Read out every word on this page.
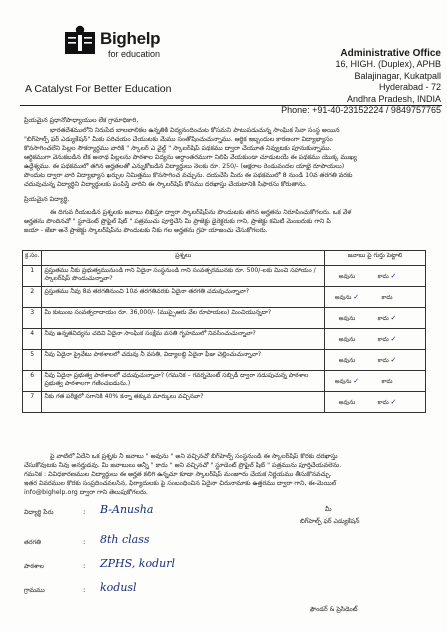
Bighelp
for education
A Catalyst For Better Education
Administrative Office
16, HIGH. (Duplex), APHB
Balajinagar, Kukatpall
Hyderabad - 72
Andhra Pradesh, INDIA
Phone: +91-40-23152224 / 9849757765
ప్రియమైన ప్రధానోపాధ్యాయుల లేక గ్రామాధికారి,
భారతదేశములోని నిరుపేద బాలబాలికల ఉన్నతికి విద్యనందించుట కోసమని పాటుపడుచున్న సాంఘిక సేవా సంస్థ అయిన
"బిగ్‌హెల్ప్ ఫర్ ఎడ్యుకేషన్" మీకు పరిచయం చేయుటకు మేము సంతోషించుచున్నాము. ఆర్థిక ఇబ్బందుల కారణంగా విద్యాభ్యాసం
కొనసాగించలేని పిల్లల సౌకర్యార్థము వారికి " స్కాలర్ ఎ వైల్డ్ " స్కాలర్‌షిప్ పథకము ద్వారా చేయూత నివ్వుటకు పూనుకున్నాము.
ఆర్థికముగా వెనుకబడిన లేక అనాథ పిల్లలను పాఠశాల విద్యను అర్ధాంతరముగా నిలిపి వేయకుండా చూడుటయే ఈ పథకము యొక్క ముఖ్య
ఉద్దేశ్యము. ఈ పథకములో తగిన అర్హతలతో ఎన్నుకోబడిన విద్యార్థులు నెలకు రూ. 250/- (అక్షరాల రెండువందల యాభై రూపాయలు)
పొందుట ద్వారా వారి విద్యాభ్యాస ఖర్చుల నిమిత్తము కొనసాగించ వచ్చును. దయచేసి మీరు ఈ పథకములో 8 నుండి 10వ తరగతి వరకు
చదువుచున్న విద్యార్థిని విద్యార్థులకు పంపిస్తే వారిని ఈ స్కాలర్‌షిప్ కోసము దరఖాస్తు చేయటానికి సిఫారసు కోరుతాను.
ప్రియమైన విద్యార్థి,
ఈ దిగువ రీయబడిన ప్రశ్నలకు జవాబు లిఖిస్తూ ద్వారా స్కాలర్‌షిప్‌ను పొందుటకు తగిన అర్హతను నిరూపించుకోగలరు. ఒక వేళ
అర్హతను పొందినచో " స్టూడెంట్ ప్రొఫైల్ షీట్ " పత్రముచు పూర్తిచేసి మీ ప్రాజెక్టు డైరెక్టరుకు గాని, ప్రాజెక్టు కమిటీ మెంబరుకు గాని పి
జయా - జేబా అనే ప్రాజెక్టు స్కాలర్‌షిప్‌ను పొందుటకు నీకు గల అర్హతను గ్రహ యాజంచు చేసుకోగలరు.
క్ర.సం.	ప్రశ్నలు	జవాబు పై గుర్తు పెట్టాలి
1	ప్రస్తుతము నీకు ప్రభుత్వమునుండి గాని ఏదైనా సంస్థనుండి గాని సంవత్సరమునకు రూ. 500/-లకు మించి సహాయం / స్కాలర్‌షిప్ పొందుచున్నావా?	అవును కాదు ✓
2	ప్రస్తుతము నీవు 8వ తరగతినుంచి 10వ తరగతివరకు ఏదైనా తరగతి చదువుచున్నావా?	అవును ✓ కాదు
3	మీ కుటుంబ సంవత్సరాదాయం రూ. 36,000/- (ముప్పైఆరు వేల రూపాయలు) మించియున్నదా?	అవును కాదు ✓
4	నీవు ఉన్నతవిద్యను చదివి ఏదైనా సాంఘిక సంక్షేమ వసతి గృహములో నివసించుచున్నావా?	అవును కాదు ✓
5	నీవు ఏదైనా ప్రైవేటు పాఠశాలలో చదువు నీ వసతి, విద్యాలబ్ది ఏదైనా ఫీజు చెల్లించుచున్నావా?	అవును కాదు ✓
6	నీవు ఏదైనా ప్రభుత్వ పాఠశాలలో చదువుచున్నావా? (గమనిక – గవర్నమెంట్ సబ్సిడీ ద్వారా నడుపుచున్న పాఠశాల ప్రభుత్వ పాఠశాలగా గణించబడును.)	అవును ✓ కాదు
7	నీకు గత పరీక్షలో సగానికి 40% కన్నా తక్కువ మార్కులు వచ్చినవా?	అవును కాదు ✓
పై వాటిలో ఏదేని ఒక ప్రశ్నకు నీ జవాబు " అవును " అని వచ్చినచో బిగ్‌హెల్ప్ సంస్థనుండి ఈ స్కాలర్‌షిప్ కొరకు దరఖాస్తు
చేసుకోవుటకు నీవు అనర్హుడవు. మీ జవాబులు అన్నీ " కాదు " అని వచ్చినచో " స్టూడెంట్ ప్రొఫైల్ షీట్ " పత్రమును పూర్తిచేయవలెను.
గమనిక : వివిధకారణముల విద్యార్థులు ఈ అర్హత కలిగి ఉన్నచూ కూడా స్కాలర్‌షిప్ మంజూరు చేయక నిర్ణయము తీసుకొనవచ్చు.
ఇతర వివరముల కొరకు సంప్రదించవలసిన, ఫిర్యాదులకు పై సంబంధించిన ఏదైనా చిరునామాకు ఉత్తరము ద్వారా గాని, ఈ-మెయిల్
info@bighelp.org ద్వారా గాని తెలుపుకోగలరు.
విద్యార్థి పేరు	: B-Anusha
తరగతి	: 8th class
పాఠశాల	: ZPHS, kodurl
గ్రామము	: kodusl
మీ
బిగ్‌హెల్ప్ ఫర్ ఎడ్యుకేషన్
ఫౌండర్ & ప్రెసిడెంట్
